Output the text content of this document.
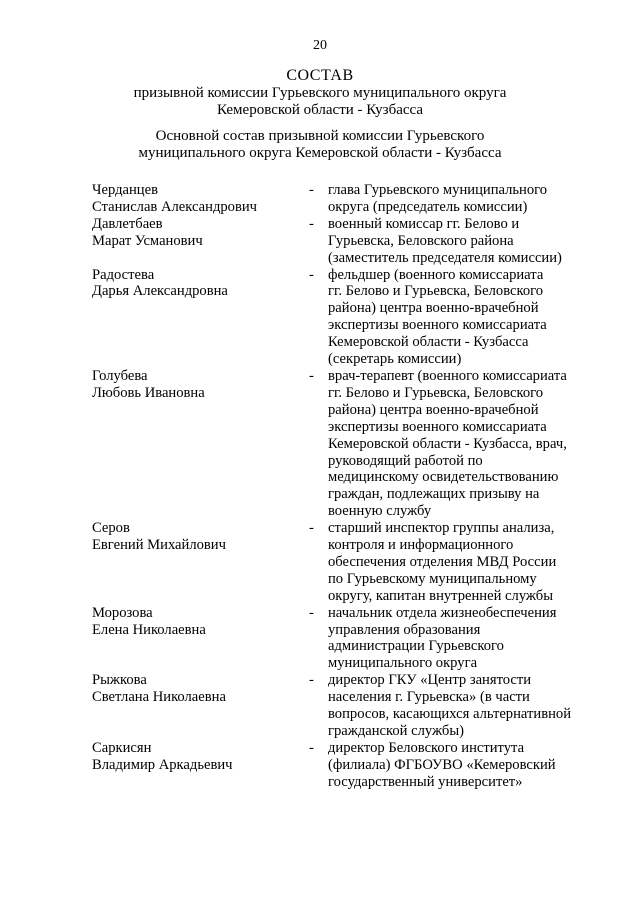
20
СОСТАВ
призывной комиссии Гурьевского муниципального округа
Кемеровской области - Кузбасса
Основной состав призывной комиссии Гурьевского
муниципального округа Кемеровской области - Кузбасса
Черданцев
Станислав Александрович
- глава Гурьевского муниципального
округа (председатель комиссии)
Давлетбаев
Марат Усманович
- военный комиссар гг. Белово и
Гурьевска, Беловского района
(заместитель председателя комиссии)
Радостева
Дарья Александровна
- фельдшер (военного комиссариата
гг. Белово и Гурьевска, Беловского
района) центра военно-врачебной
экспертизы военного комиссариата
Кемеровской области - Кузбасса
(секретарь комиссии)
Голубева
Любовь Ивановна
- врач-терапевт (военного комиссариата
гг. Белово и Гурьевска, Беловского
района) центра военно-врачебной
экспертизы военного комиссариата
Кемеровской области - Кузбасса, врач,
руководящий работой по
медицинскому освидетельствованию
граждан, подлежащих призыву на
военную службу
Серов
Евгений Михайлович
- старший инспектор группы анализа,
контроля и информационного
обеспечения отделения МВД России
по Гурьевскому муниципальному
округу, капитан внутренней службы
Морозова
Елена Николаевна
- начальник отдела жизнеобеспечения
управления образования
администрации Гурьевского
муниципального округа
Рыжкова
Светлана Николаевна
- директор ГКУ «Центр занятости
населения г. Гурьевска» (в части
вопросов, касающихся альтернативной
гражданской службы)
Саркисян
Владимир Аркадьевич
- директор Беловского института
(филиала) ФГБОУВО «Кемеровский
государственный университет»
